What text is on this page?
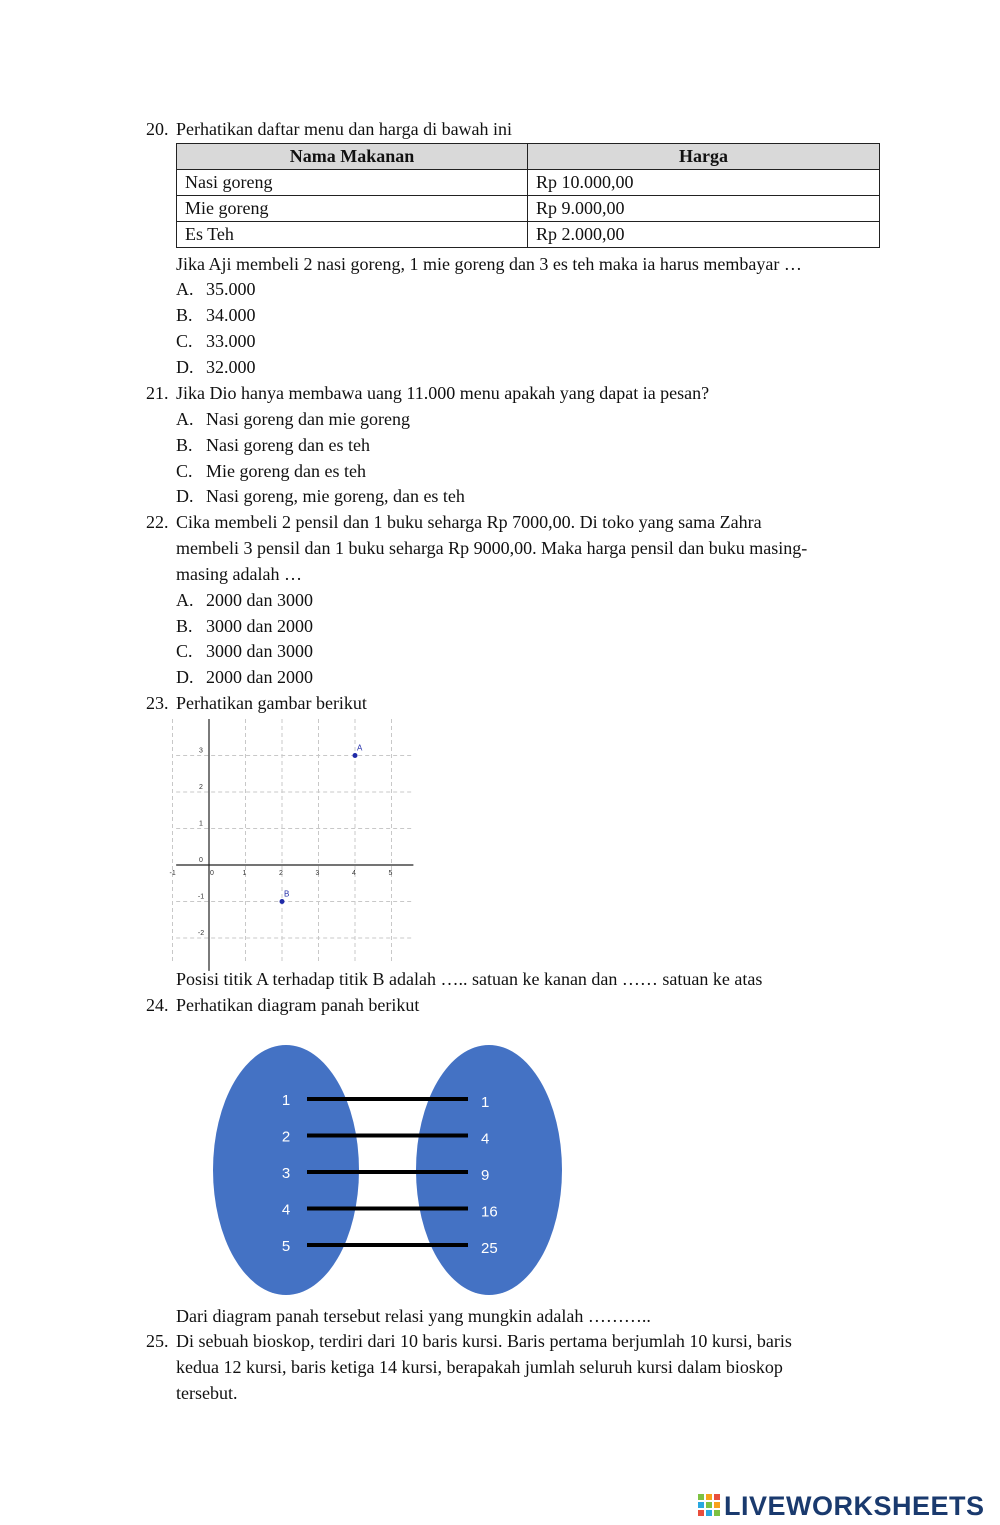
20. Perhatikan daftar menu dan harga di bawah ini
Nama Makanan	Harga
Nasi goreng	Rp 10.000,00
Mie goreng	Rp 9.000,00
Es Teh	Rp 2.000,00
Jika Aji membeli 2 nasi goreng, 1 mie goreng dan 3 es teh maka ia harus membayar …
A. 35.000
B. 34.000
C. 33.000
D. 32.000
21. Jika Dio hanya membawa uang 11.000 menu apakah yang dapat ia pesan?
A. Nasi goreng dan mie goreng
B. Nasi goreng dan es teh
C. Mie goreng dan es teh
D. Nasi goreng, mie goreng, dan es teh
22. Cika membeli 2 pensil dan 1 buku seharga Rp 7000,00. Di toko yang sama Zahra
membeli 3 pensil dan 1 buku seharga Rp 9000,00. Maka harga pensil dan buku masing-
masing adalah …
A. 2000 dan 3000
B. 3000 dan 2000
C. 3000 dan 3000
D. 2000 dan 2000
23. Perhatikan gambar berikut
-1	0	1	2	3	4	5
-2
-1
0
1
2
3	A
B
Posisi titik A terhadap titik B adalah ….. satuan ke kanan dan …… satuan ke atas
24. Perhatikan diagram panah berikut
1
2
3
4
5
1
4
9
16
25
Dari diagram panah tersebut relasi yang mungkin adalah ………..
25. Di sebuah bioskop, terdiri dari 10 baris kursi. Baris pertama berjumlah 10 kursi, baris
kedua 12 kursi, baris ketiga 14 kursi, berapakah jumlah seluruh kursi dalam bioskop
tersebut.
LIVEWORKSHEETS
